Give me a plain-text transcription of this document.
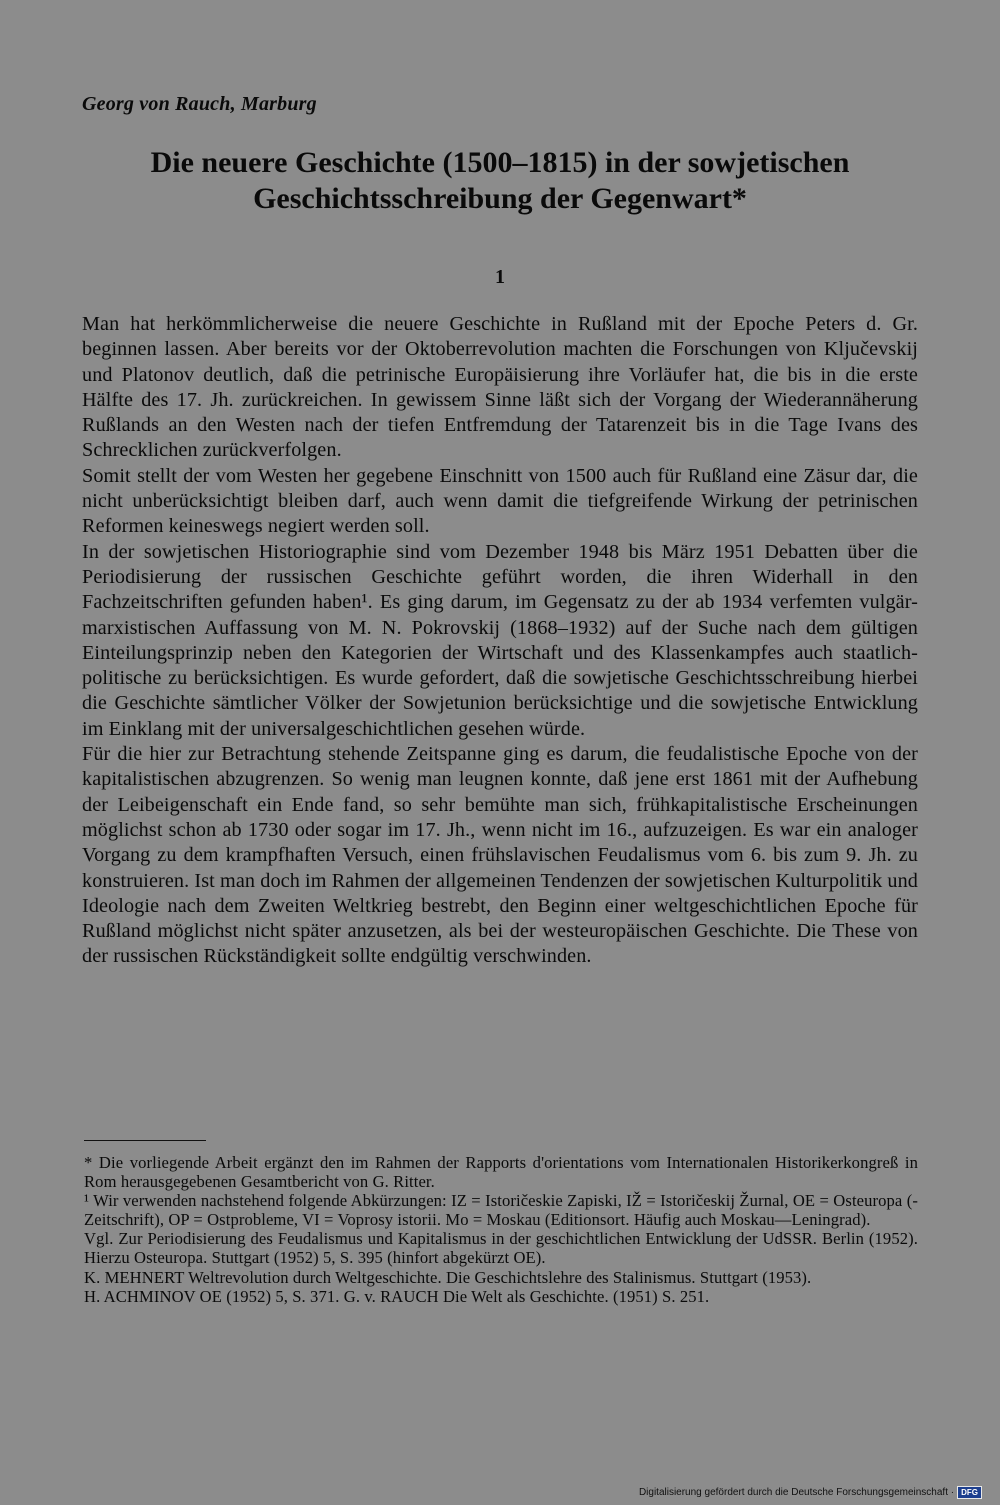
Georg von Rauch, Marburg
Die neuere Geschichte (1500–1815) in der sowjetischen Geschichtsschreibung der Gegenwart*
1

Man hat herkömmlicherweise die neuere Geschichte in Rußland mit der Epoche Peters d. Gr. beginnen lassen. Aber bereits vor der Oktoberrevolution machten die Forschungen von Ključevskij und Platonov deutlich, daß die petrinische Europäisierung ihre Vorläufer hat, die bis in die erste Hälfte des 17. Jh. zurückreichen. In gewissem Sinne läßt sich der Vorgang der Wiederannäherung Rußlands an den Westen nach der tiefen Entfremdung der Tatarenzeit bis in die Tage Ivans des Schrecklichen zurückverfolgen.

Somit stellt der vom Westen her gegebene Einschnitt von 1500 auch für Rußland eine Zäsur dar, die nicht unberücksichtigt bleiben darf, auch wenn damit die tiefgreifende Wirkung der petrinischen Reformen keineswegs negiert werden soll.

In der sowjetischen Historiographie sind vom Dezember 1948 bis März 1951 Debatten über die Periodisierung der russischen Geschichte geführt worden, die ihren Widerhall in den Fachzeitschriften gefunden haben¹. Es ging darum, im Gegensatz zu der ab 1934 verfemten vulgär-marxistischen Auffassung von M. N. Pokrovskij (1868–1932) auf der Suche nach dem gültigen Einteilungsprinzip neben den Kategorien der Wirtschaft und des Klassenkampfes auch staatlich-politische zu berücksichtigen. Es wurde gefordert, daß die sowjetische Geschichtsschreibung hierbei die Geschichte sämtlicher Völker der Sowjetunion berücksichtige und die sowjetische Entwicklung im Einklang mit der universalgeschichtlichen gesehen würde.

Für die hier zur Betrachtung stehende Zeitspanne ging es darum, die feudalistische Epoche von der kapitalistischen abzugrenzen. So wenig man leugnen konnte, daß jene erst 1861 mit der Aufhebung der Leibeigenschaft ein Ende fand, so sehr bemühte man sich, frühkapitalistische Erscheinungen möglichst schon ab 1730 oder sogar im 17. Jh., wenn nicht im 16., aufzuzeigen. Es war ein analoger Vorgang zu dem krampfhaften Versuch, einen frühslavischen Feudalismus vom 6. bis zum 9. Jh. zu konstruieren. Ist man doch im Rahmen der allgemeinen Tendenzen der sowjetischen Kulturpolitik und Ideologie nach dem Zweiten Weltkrieg bestrebt, den Beginn einer weltgeschichtlichen Epoche für Rußland möglichst nicht später anzusetzen, als bei der westeuropäischen Geschichte. Die These von der russischen Rückständigkeit sollte endgültig verschwinden.

* Die vorliegende Arbeit ergänzt den im Rahmen der Rapports d'orientations vom Internationalen Historikerkongreß in Rom herausgegebenen Gesamtbericht von G. Ritter.

¹ Wir verwenden nachstehend folgende Abkürzungen: IZ = Istoričeskie Zapiski, IŽ = Istoričeskij Žurnal, OE = Osteuropa (-Zeitschrift), OP = Ostprobleme, VI = Voprosy istorii. Mo = Moskau (Editionsort. Häufig auch Moskau—Leningrad).

Vgl. Zur Periodisierung des Feudalismus und Kapitalismus in der geschichtlichen Entwicklung der UdSSR. Berlin (1952). Hierzu Osteuropa. Stuttgart (1952) 5, S. 395 (hinfort abgekürzt OE).

K. MEHNERT Weltrevolution durch Weltgeschichte. Die Geschichtslehre des Stalinismus. Stuttgart (1953).

H. ACHMINOV OE (1952) 5, S. 371. G. v. RAUCH Die Welt als Geschichte. (1951) S. 251.

Digitalisierung gefördert durch die Deutsche Forschungsgemeinschaft · DFG
